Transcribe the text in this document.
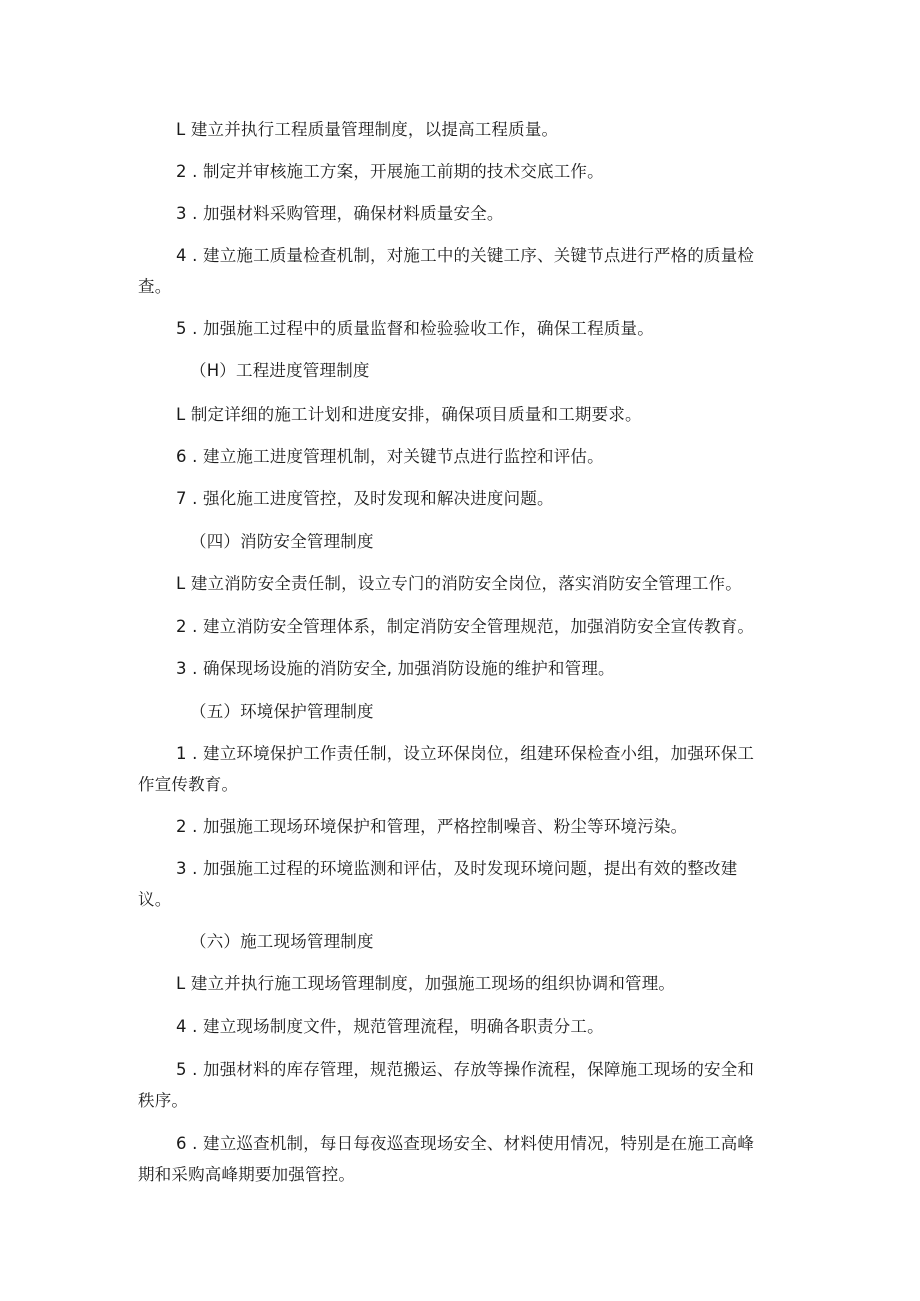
L 建立并执行工程质量管理制度，以提高工程质量。
2 . 制定并审核施工方案，开展施工前期的技术交底工作。
3 . 加强材料采购管理，确保材料质量安全。
4 . 建立施工质量检查机制，对施工中的关键工序、关键节点进行严格的质量检
查。
5 . 加强施工过程中的质量监督和检验验收工作，确保工程质量。
（H）工程进度管理制度
L 制定详细的施工计划和进度安排，确保项目质量和工期要求。
6 . 建立施工进度管理机制，对关键节点进行监控和评估。
7 . 强化施工进度管控，及时发现和解决进度问题。
（四）消防安全管理制度
L 建立消防安全责任制，设立专门的消防安全岗位，落实消防安全管理工作。
2 . 建立消防安全管理体系，制定消防安全管理规范，加强消防安全宣传教育。
3 . 确保现场设施的消防安全, 加强消防设施的维护和管理。
（五）环境保护管理制度
1 . 建立环境保护工作责任制，设立环保岗位，组建环保检查小组，加强环保工
作宣传教育。
2 . 加强施工现场环境保护和管理，严格控制噪音、粉尘等环境污染。
3 . 加强施工过程的环境监测和评估，及时发现环境问题，提出有效的整改建
议。
（六）施工现场管理制度
L 建立并执行施工现场管理制度，加强施工现场的组织协调和管理。
4 . 建立现场制度文件，规范管理流程，明确各职责分工。
5 . 加强材料的库存管理，规范搬运、存放等操作流程，保障施工现场的安全和
秩序。
6 . 建立巡查机制，每日每夜巡查现场安全、材料使用情况，特别是在施工高峰
期和采购高峰期要加强管控。
